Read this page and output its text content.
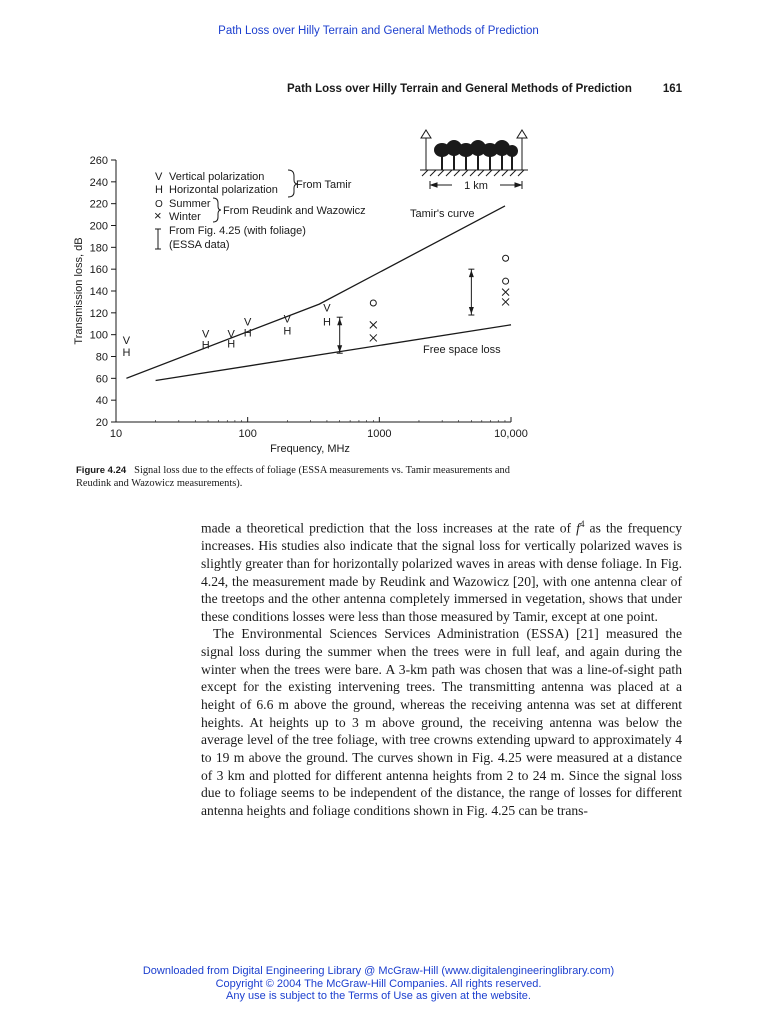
Path Loss over Hilly Terrain and General Methods of Prediction
Path Loss over Hilly Terrain and General Methods of Prediction	161
20
40
60
80
100
120
140
160
180
200
220
240
260
10	100	1000	10,000
Transmission loss, dB
Frequency, MHz
Tamir's curve
Free space loss
V
H
V
H
V
H
V
H
V
H
V
H
V Vertical polarization
H Horizontal polarization From Tamir
O Summer
× Winter From Reudink and Wazowicz
From Fig. 4.25 (with foliage)
(ESSA data)
1 km
Figure 4.24 Signal loss due to the effects of foliage (ESSA measurements vs. Tamir measurements and Reudink and Wazowicz measurements).

made a theoretical prediction that the loss increases at the rate of $f^4$ as the frequency increases. His studies also indicate that the signal loss for vertically polarized waves is slightly greater than for horizontally polarized waves in areas with dense foliage. In Fig. 4.24, the measurement made by Reudink and Wazowicz [20], with one antenna clear of the treetops and the other antenna completely immersed in vegetation, shows that under these conditions losses were less than those measured by Tamir, except at one point.

The Environmental Sciences Services Administration (ESSA) [21] measured the signal loss during the summer when the trees were in full leaf, and again during the winter when the trees were bare. A 3-km path was chosen that was a line-of-sight path except for the existing intervening trees. The transmitting antenna was placed at a height of 6.6 m above the ground, whereas the receiving antenna was set at different heights. At heights up to 3 m above ground, the receiving antenna was below the average level of the tree foliage, with tree crowns extending upward to approximately 4 to 19 m above the ground. The curves shown in Fig. 4.25 were measured at a distance of 3 km and plotted for different antenna heights from 2 to 24 m. Since the signal loss due to foliage seems to be independent of the distance, the range of losses for different antenna heights and foliage conditions shown in Fig. 4.25 can be trans-

Downloaded from Digital Engineering Library @ McGraw-Hill (www.digitalengineeringlibrary.com)
Copyright © 2004 The McGraw-Hill Companies. All rights reserved.
Any use is subject to the Terms of Use as given at the website.
